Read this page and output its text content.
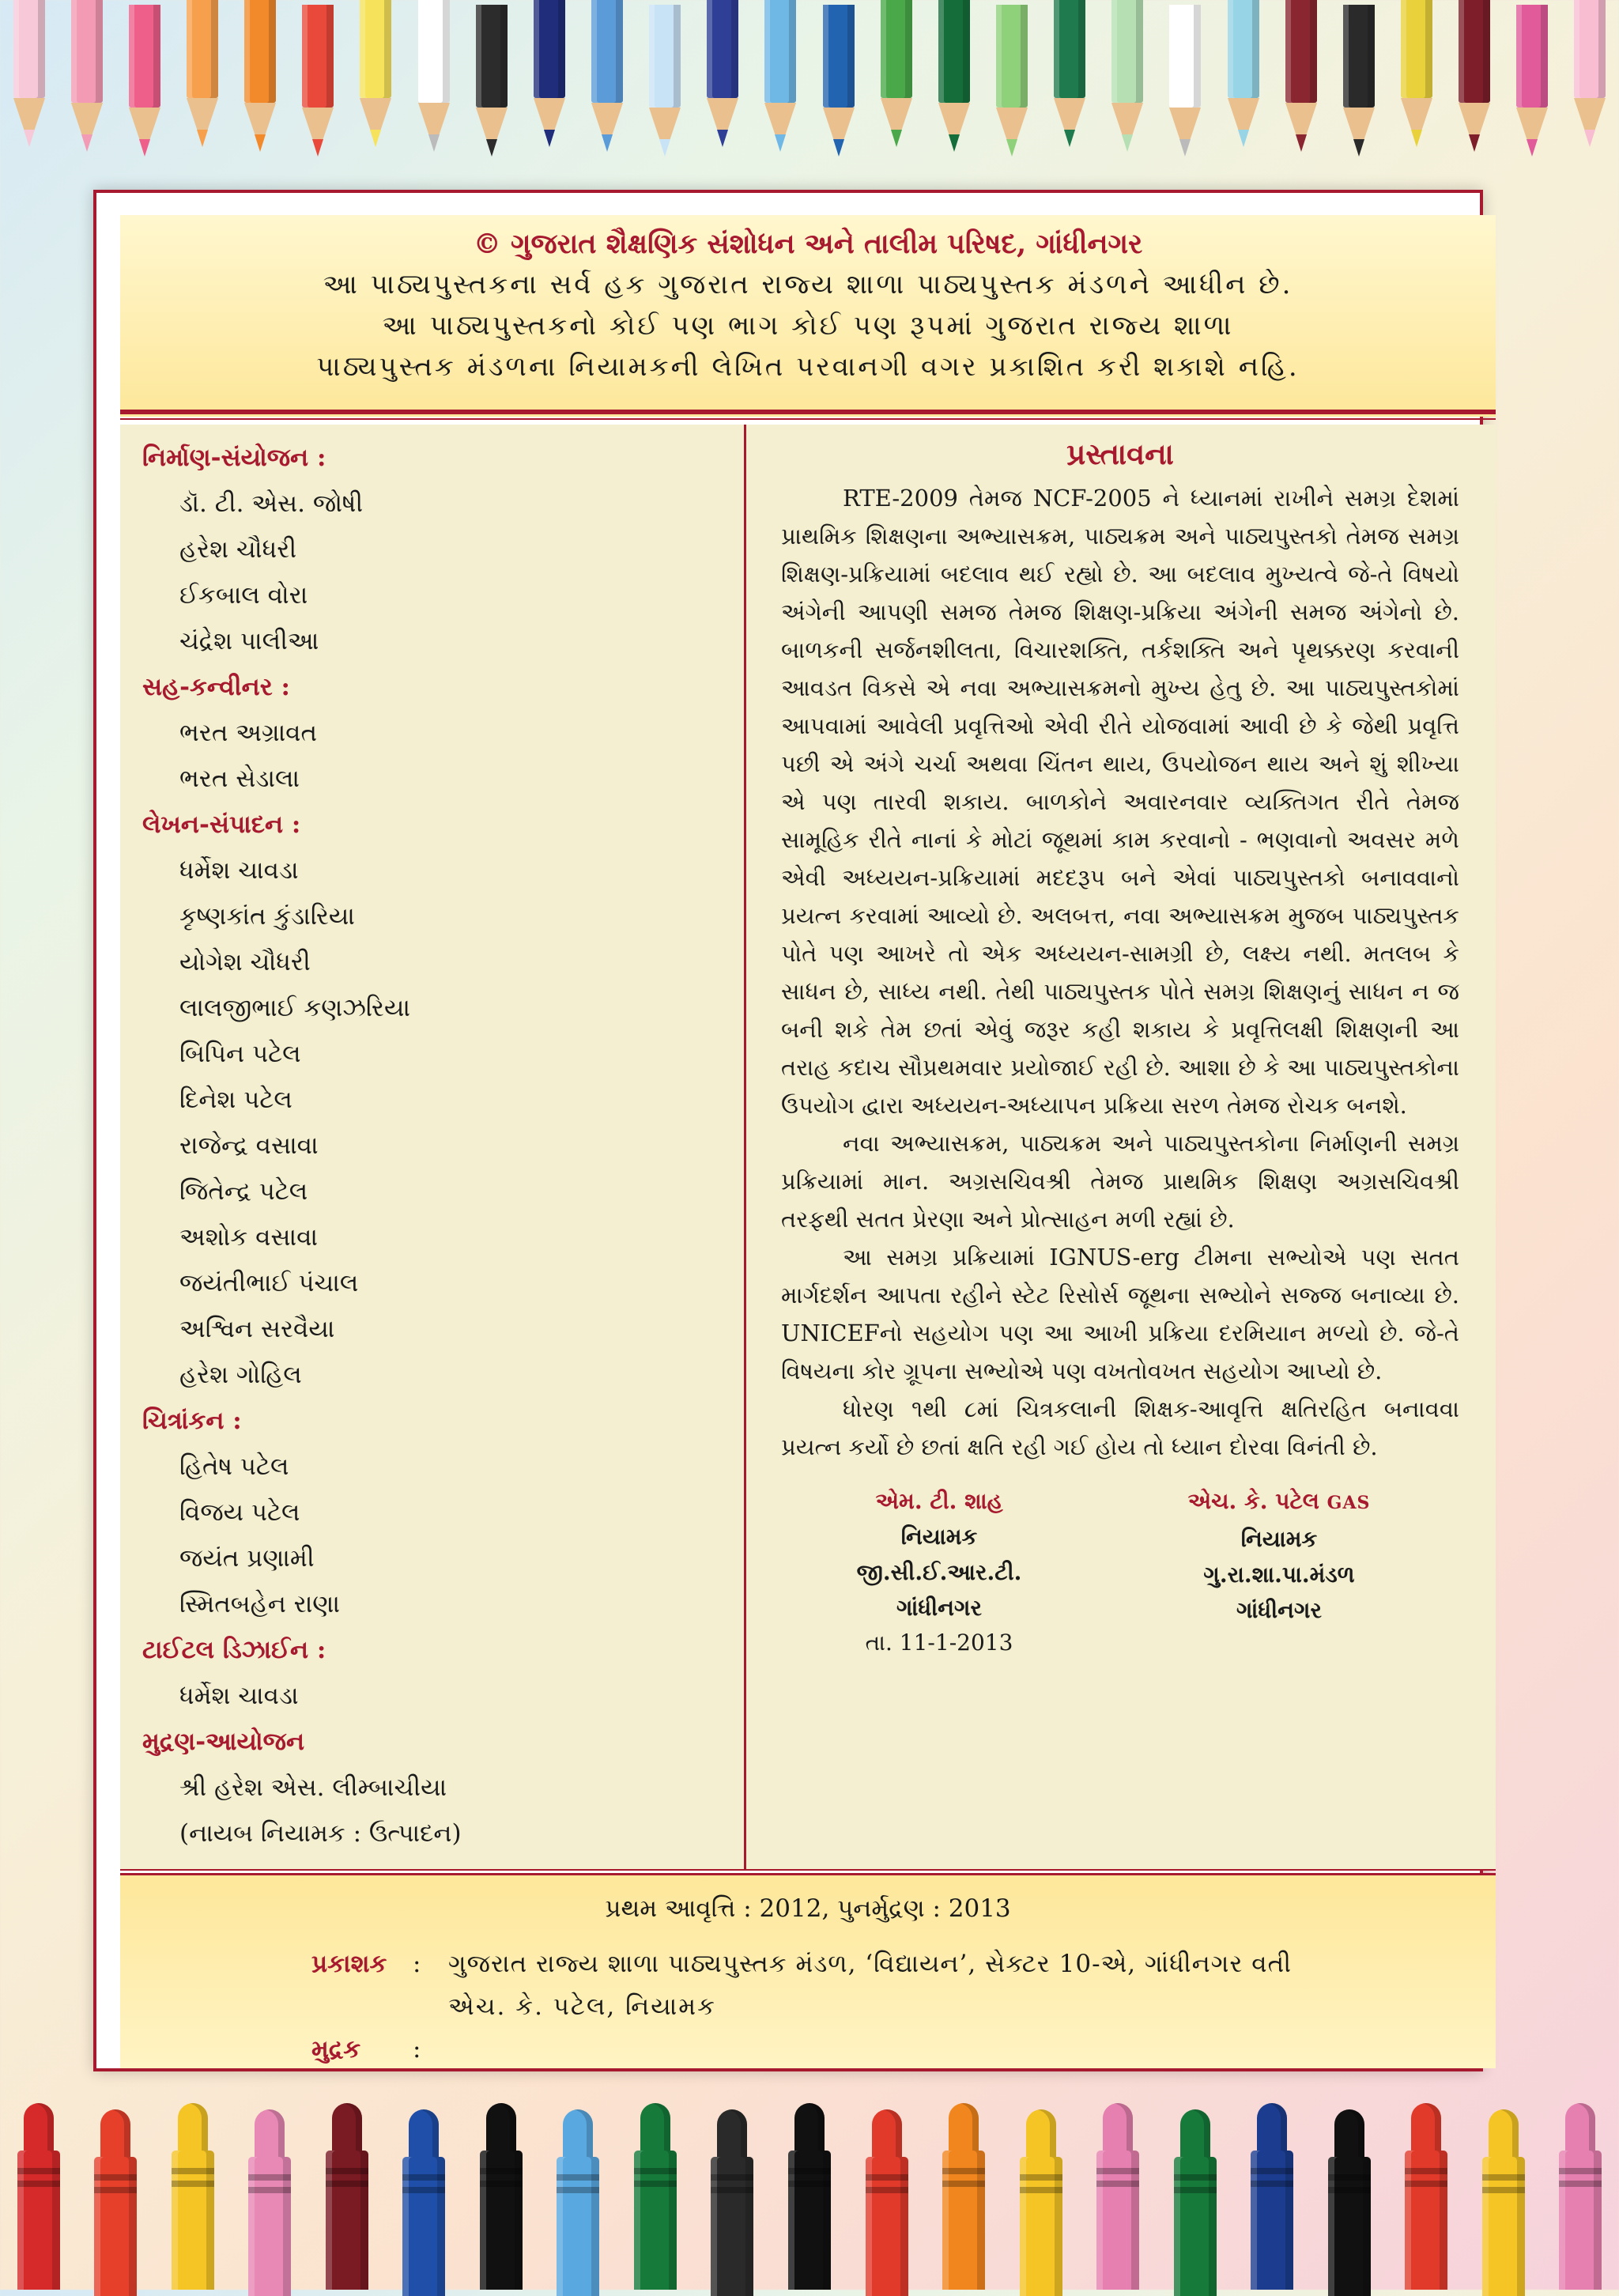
© ગુજરાત શૈક્ષણિક સંશોધન અને તાલીમ પરિષદ, ગાંધીનગર
આ પાઠ્યપુસ્તકના સર્વ હક ગુજરાત રાજ્ય શાળા પાઠ્યપુસ્તક મંડળને આધીન છે.
આ પાઠ્યપુસ્તકનો કોઈ પણ ભાગ કોઈ પણ રૂપમાં ગુજરાત રાજ્ય શાળા
પાઠ્યપુસ્તક મંડળના નિયામકની લેખિત પરવાનગી વગર પ્રકાશિત કરી શકાશે નહિ.
નિર્માણ-સંયોજન :
ડૉ. ટી. એસ. જોષી
હરેશ ચૌધરી
ઈકબાલ વોરા
ચંદ્રેશ પાલીઆ
સહ-કન્વીનર :
ભરત અગ્રાવત
ભરત સેડાલા
લેખન-સંપાદન :
ધર્મેશ ચાવડા
કૃષ્ણકાંત કુંડારિયા
યોગેશ ચૌધરી
લાલજીભાઈ કણઝરિયા
બિપિન પટેલ
દિનેશ પટેલ
રાજેન્દ્ર વસાવા
જિતેન્દ્ર પટેલ
અશોક વસાવા
જયંતીભાઈ પંચાલ
અશ્વિન સરવૈયા
હરેશ ગોહિલ
ચિત્રાંકન :
હિતેષ પટેલ
વિજય પટેલ
જયંત પ્રણામી
સ્મિતબહેન રાણા
ટાઈટલ ડિઝાઈન :
ધર્મેશ ચાવડા
મુદ્રણ-આયોજન
શ્રી હરેશ એસ. લીમ્બાચીયા
(નાયબ નિયામક : ઉત્પાદન)
પ્રસ્તાવના

RTE-2009 તેમજ NCF-2005 ને ધ્યાનમાં રાખીને સમગ્ર દેશમાં પ્રાથમિક શિક્ષણના અભ્યાસક્રમ, પાઠ્યક્રમ અને પાઠ્યપુસ્તકો તેમજ સમગ્ર શિક્ષણ-પ્રક્રિયામાં બદલાવ થઈ રહ્યો છે. આ બદલાવ મુખ્યત્વે જે-તે વિષયો અંગેની આપણી સમજ તેમજ શિક્ષણ-પ્રક્રિયા અંગેની સમજ અંગેનો છે. બાળકની સર્જનશીલતા, વિચારશક્તિ, તર્કશક્તિ અને પૃથક્કરણ કરવાની આવડત વિકસે એ નવા અભ્યાસક્રમનો મુખ્ય હેતુ છે. આ પાઠ્યપુસ્તકોમાં આપવામાં આવેલી પ્રવૃત્તિઓ એવી રીતે યોજવામાં આવી છે કે જેથી પ્રવૃત્તિ પછી એ અંગે ચર્ચા અથવા ચિંતન થાય, ઉપયોજન થાય અને શું શીખ્યા એ પણ તારવી શકાય. બાળકોને અવારનવાર વ્યક્તિગત રીતે તેમજ સામૂહિક રીતે નાનાં કે મોટાં જૂથમાં કામ કરવાનો - ભણવાનો અવસર મળે એવી અધ્યયન-પ્રક્રિયામાં મદદરૂપ બને એવાં પાઠ્યપુસ્તકો બનાવવાનો પ્રયત્ન કરવામાં આવ્યો છે. અલબત્ત, નવા અભ્યાસક્રમ મુજબ પાઠ્યપુસ્તક પોતે પણ આખરે તો એક અધ્યયન-સામગ્રી છે, લક્ષ્ય નથી. મતલબ કે સાધન છે, સાધ્ય નથી. તેથી પાઠ્યપુસ્તક પોતે સમગ્ર શિક્ષણનું સાધન ન જ બની શકે તેમ છતાં એવું જરૂર કહી શકાય કે પ્રવૃત્તિલક્ષી શિક્ષણની આ તરાહ કદાચ સૌપ્રથમવાર પ્રયોજાઈ રહી છે. આશા છે કે આ પાઠ્યપુસ્તકોના ઉપયોગ દ્વારા અધ્યયન-અધ્યાપન પ્રક્રિયા સરળ તેમજ રોચક બનશે.

નવા અભ્યાસક્રમ, પાઠ્યક્રમ અને પાઠ્યપુસ્તકોના નિર્માણની સમગ્ર પ્રક્રિયામાં માન. અગ્રસચિવશ્રી તેમજ પ્રાથમિક શિક્ષણ અગ્રસચિવશ્રી તરફથી સતત પ્રેરણા અને પ્રોત્સાહન મળી રહ્યાં છે.

આ સમગ્ર પ્રક્રિયામાં IGNUS-erg ટીમના સભ્યોએ પણ સતત માર્ગદર્શન આપતા રહીને સ્ટેટ રિસોર્સ જૂથના સભ્યોને સજ્જ બનાવ્યા છે. UNICEFનો સહયોગ પણ આ આખી પ્રક્રિયા દરમિયાન મળ્યો છે. જે-તે વિષયના કોર ગ્રૂપના સભ્યોએ પણ વખતોવખત સહયોગ આપ્યો છે.

ધોરણ ૧થી ૮માં ચિત્રકલાની શિક્ષક-આવૃત્તિ ક્ષતિરહિત બનાવવા પ્રયત્ન કર્યો છે છતાં ક્ષતિ રહી ગઈ હોય તો ધ્યાન દોરવા વિનંતી છે.

એમ. ટી. શાહ
નિયામક
જી.સી.ઈ.આર.ટી.
ગાંધીનગર
એચ. કે. પટેલ GAS
નિયામક
ગુ.રા.શા.પા.મંડળ
ગાંધીનગર
તા. 11-1-2013
પ્રથમ આવૃત્તિ : 2012, પુનર્મુદ્રણ : 2013
પ્રકાશક : ગુજરાત રાજ્ય શાળા પાઠ્યપુસ્તક મંડળ, ‘વિદ્યાયન’, સેક્ટર 10-એ, ગાંધીનગર વતી
એચ. કે. પટેલ, નિયામક
મુદ્રક :
